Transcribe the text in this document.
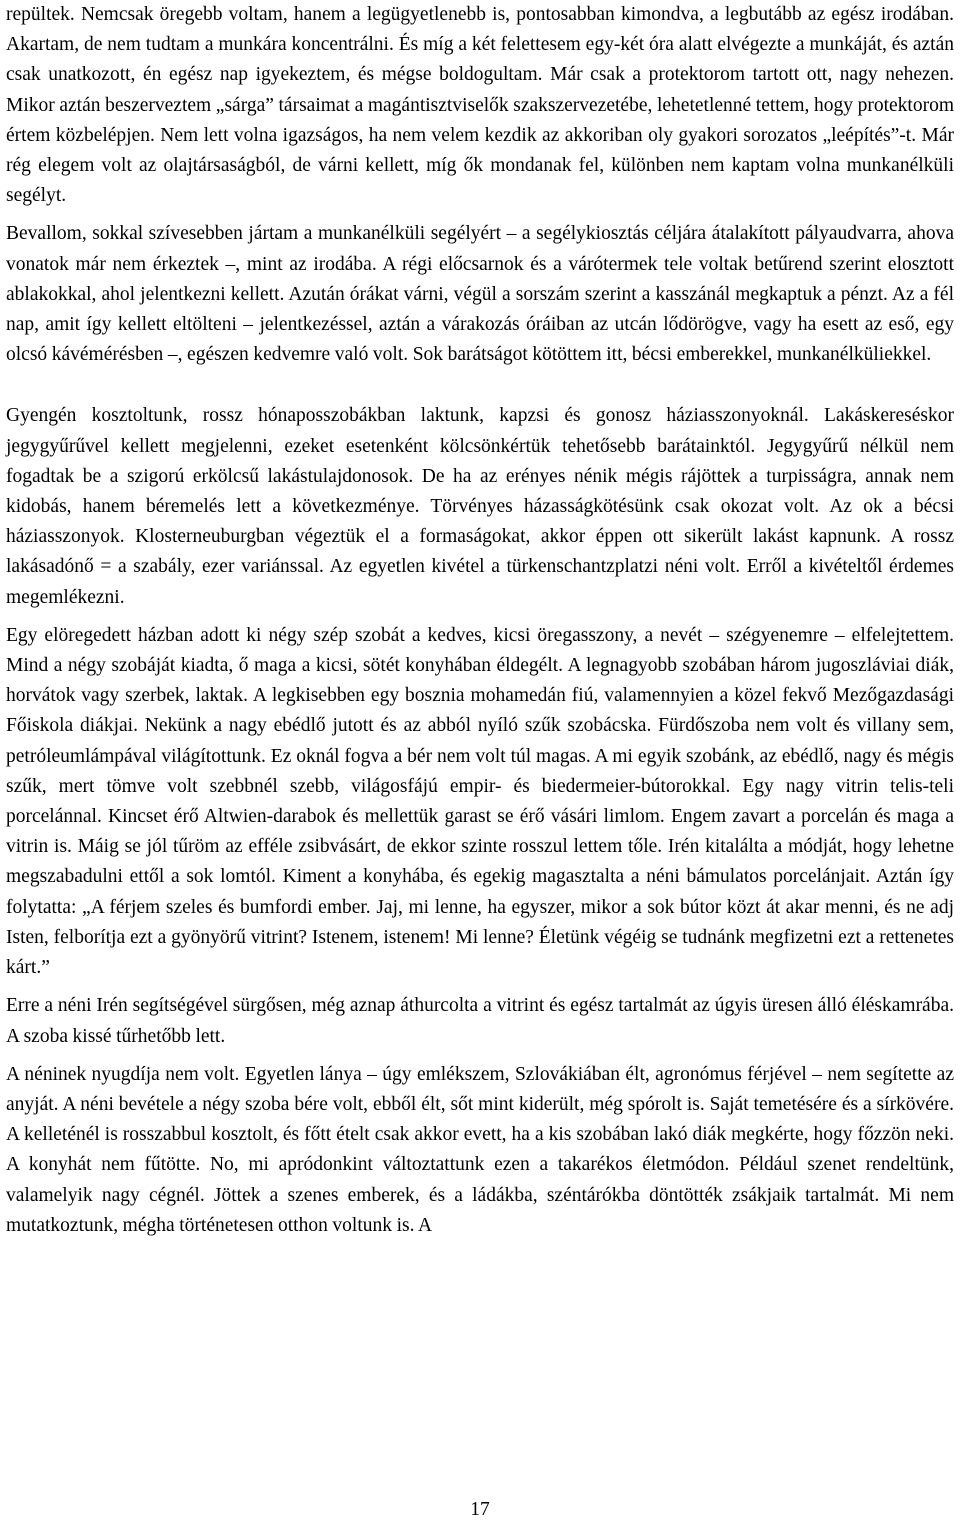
repültek. Nemcsak öregebb voltam, hanem a legügyetlenebb is, pontosabban kimondva, a legbutább az egész irodában. Akartam, de nem tudtam a munkára koncentrálni. És míg a két felettesem egy-két óra alatt elvégezte a munkáját, és aztán csak unatkozott, én egész nap igyekeztem, és mégse boldogultam. Már csak a protektorom tartott ott, nagy nehezen. Mikor aztán beszerveztem „sárga” társaimat a magántisztviselők szakszervezetébe, lehetetlenné tettem, hogy protektorom értem közbelépjen. Nem lett volna igazságos, ha nem velem kezdik az akkoriban oly gyakori sorozatos „leépítés”-t. Már rég elegem volt az olajtársaságból, de várni kellett, míg ők mondanak fel, különben nem kaptam volna munkanélküli segélyt.

Bevallom, sokkal szívesebben jártam a munkanélküli segélyért – a segélykiosztás céljára átalakított pályaudvarra, ahova vonatok már nem érkeztek –, mint az irodába. A régi előcsarnok és a várótermek tele voltak betűrend szerint elosztott ablakokkal, ahol jelentkezni kellett. Azután órákat várni, végül a sorszám szerint a kasszánál megkaptuk a pénzt. Az a fél nap, amit így kellett eltölteni – jelentkezéssel, aztán a várakozás óráiban az utcán lődörögve, vagy ha esett az eső, egy olcsó kávémérésben –, egészen kedvemre való volt. Sok barátságot kötöttem itt, bécsi emberekkel, munkanélküliekkel.

Gyengén kosztoltunk, rossz hónaposszobákban laktunk, kapzsi és gonosz háziasszonyoknál. Lakáskereséskor jegygyűrűvel kellett megjelenni, ezeket esetenként kölcsönkértük tehetősebb barátainktól. Jegygyűrű nélkül nem fogadtak be a szigorú erkölcsű lakástulajdonosok. De ha az erényes nénik mégis rájöttek a turpisságra, annak nem kidobás, hanem béremelés lett a következménye. Törvényes házasságkötésünk csak okozat volt. Az ok a bécsi háziasszonyok. Klosterneuburgban végeztük el a formaságokat, akkor éppen ott sikerült lakást kapnunk. A rossz lakásadónő = a szabály, ezer variánssal. Az egyetlen kivétel a türkenschantzplatzi néni volt. Erről a kivételtől érdemes megemlékezni.

Egy elöregedett házban adott ki négy szép szobát a kedves, kicsi öregasszony, a nevét – szégyenemre – elfelejtettem. Mind a négy szobáját kiadta, ő maga a kicsi, sötét konyhában éldegélt. A legnagyobb szobában három jugoszláviai diák, horvátok vagy szerbek, laktak. A legkisebben egy bosznia mohamedán fiú, valamennyien a közel fekvő Mezőgazdasági Főiskola diákjai. Nekünk a nagy ebédlő jutott és az abból nyíló szűk szobácska. Fürdőszoba nem volt és villany sem, petróleumlámpával világítottunk. Ez oknál fogva a bér nem volt túl magas. A mi egyik szobánk, az ebédlő, nagy és mégis szűk, mert tömve volt szebbnél szebb, világosfájú empir- és biedermeier-bútorokkal. Egy nagy vitrin telis-teli porcelánnal. Kincset érő Altwien-darabok és mellettük garast se érő vásári limlom. Engem zavart a porcelán és maga a vitrin is. Máig se jól tűröm az efféle zsibvásárt, de ekkor szinte rosszul lettem tőle. Irén kitalálta a módját, hogy lehetne megszabadulni ettől a sok lomtól. Kiment a konyhába, és egekig magasztalta a néni bámulatos porcelánjait. Aztán így folytatta: „A férjem szeles és bumfordi ember. Jaj, mi lenne, ha egyszer, mikor a sok bútor közt át akar menni, és ne adj Isten, felborítja ezt a gyönyörű vitrint? Istenem, istenem! Mi lenne? Életünk végéig se tudnánk megfizetni ezt a rettenetes kárt.”

Erre a néni Irén segítségével sürgősen, még aznap áthurcolta a vitrint és egész tartalmát az úgyis üresen álló éléskamrába. A szoba kissé tűrhetőbb lett.

A néninek nyugdíja nem volt. Egyetlen lánya – úgy emlékszem, Szlovákiában élt, agronómus férjével – nem segítette az anyját. A néni bevétele a négy szoba bére volt, ebből élt, sőt mint kiderült, még spórolt is. Saját temetésére és a sírkövére. A kelleténél is rosszabbul kosztolt, és főtt ételt csak akkor evett, ha a kis szobában lakó diák megkérte, hogy főzzön neki. A konyhát nem fűtötte. No, mi apródonkint változtattunk ezen a takarékos életmódon. Például szenet rendeltünk, valamelyik nagy cégnél. Jöttek a szenes emberek, és a ládákba, széntárókba döntötték zsákjaik tartalmát. Mi nem mutatkoztunk, mégha történetesen otthon voltunk is. A

17
